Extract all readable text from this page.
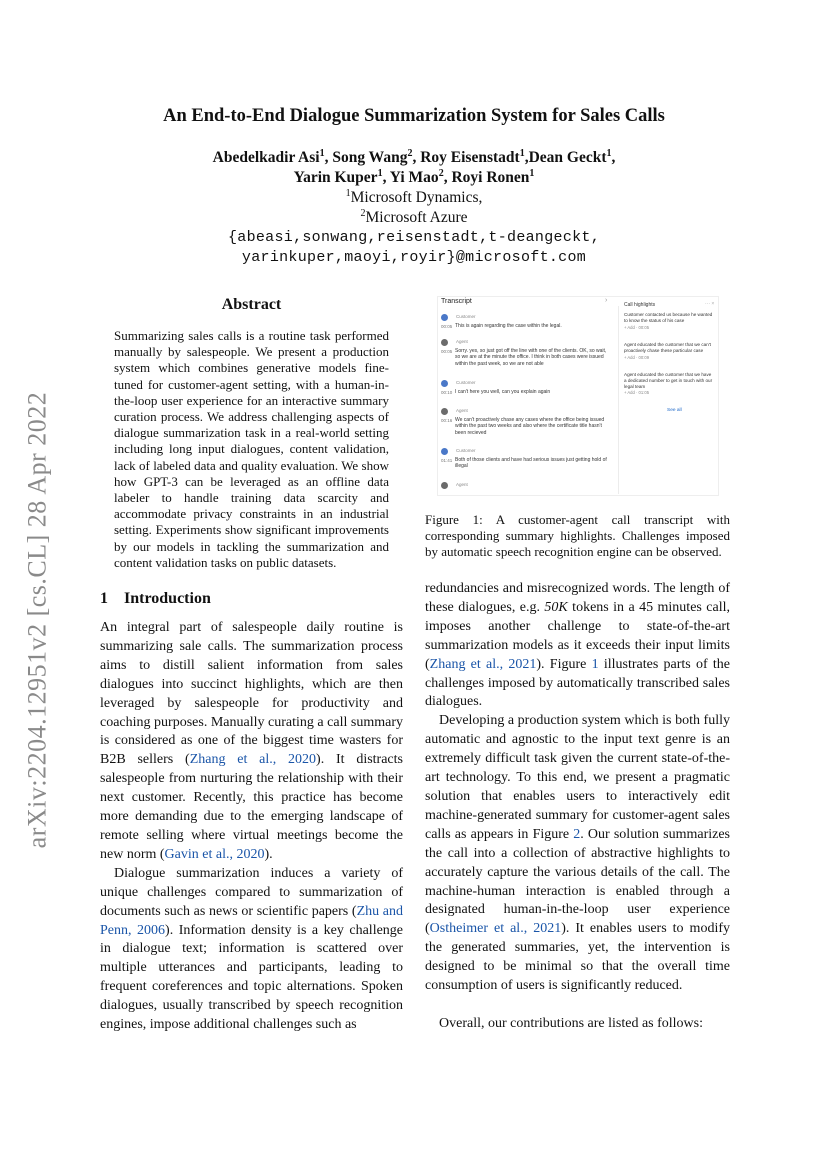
arXiv:2204.12951v2 [cs.CL] 28 Apr 2022
An End-to-End Dialogue Summarization System for Sales Calls
Abedelkadir Asi$^1$, Song Wang$^2$, Roy Eisenstadt$^1$,Dean Geckt$^1$,
Yarin Kuper$^1$, Yi Mao$^2$, Royi Ronen$^1$
$^1$Microsoft Dynamics,
$^2$Microsoft Azure
{abeasi,sonwang,reisenstadt,t-deangeckt,
yarinkuper,maoyi,royir}@microsoft.com
Abstract
Summarizing sales calls is a routine task performed manually by salespeople. We present a production system which combines generative models fine-tuned for customer-agent setting, with a human-in-the-loop user experience for an interactive summary curation process. We address challenging aspects of dialogue summarization task in a real-world setting including long input dialogues, content validation, lack of labeled data and quality evaluation. We show how GPT-3 can be leveraged as an offline data labeler to handle training data scarcity and accommodate privacy constraints in an industrial setting. Experiments show significant improvements by our models in tackling the summarization and content validation tasks on public datasets.
1 Introduction

An integral part of salespeople daily routine is summarizing sale calls. The summarization process aims to distill salient information from sales dialogues into succinct highlights, which are then leveraged by salespeople for productivity and coaching purposes. Manually curating a call summary is considered as one of the biggest time wasters for B2B sellers (Zhang et al., 2020). It distracts salespeople from nurturing the relationship with their next customer. Recently, this practice has become more demanding due to the emerging landscape of remote selling where virtual meetings become the new norm (Gavin et al., 2020).

Dialogue summarization induces a variety of unique challenges compared to summarization of documents such as news or scientific papers (Zhu and Penn, 2006). Information density is a key challenge in dialogue text; information is scattered over multiple utterances and participants, leading to frequent coreferences and topic alternations. Spoken dialogues, usually transcribed by speech recognition engines, impose additional challenges such as

Transcript	›
Customer
00:05 This is again regarding the case within the legal.
Agent
00:05 Sorry. yes, so just got off the line with one of the clients. OK, so wait, so we are at the minute the office. I think in both cases were issued within the past week, so we are not able
Customer
00:10 I can't here you well, can you explain again
Agent
00:16 We can't proactively chase any cases where the office being issued within the past two weeks and also where the certificate title hasn't been recieved
Customer
01:41 Both of those clients and have had serious issues just getting hold of illegal
Agent
Call highlights	··· ×
Customer contacted us because he wanted to know the status of his case
+ Add · 00:05
Agent educated the customer that we can't proactively chase these particular case
+ Add · 00:09
Agent educated the customer that we have a dedicated number to get in touch with our legal team
+ Add · 01:05
See all

Figure 1: A customer-agent call transcript with corresponding summary highlights. Challenges imposed by automatic speech recognition engine can be observed.

redundancies and misrecognized words. The length of these dialogues, e.g. 50K tokens in a 45 minutes call, imposes another challenge to state-of-the-art summarization models as it exceeds their input limits (Zhang et al., 2021). Figure 1 illustrates parts of the challenges imposed by automatically transcribed sales dialogues.

Developing a production system which is both fully automatic and agnostic to the input text genre is an extremely difficult task given the current state-of-the-art technology. To this end, we present a pragmatic solution that enables users to interactively edit machine-generated summary for customer-agent sales calls as appears in Figure 2. Our solution summarizes the call into a collection of abstractive highlights to accurately capture the various details of the call. The machine-human interaction is enabled through a designated human-in-the-loop user experience (Ostheimer et al., 2021). It enables users to modify the generated summaries, yet, the intervention is designed to be minimal so that the overall time consumption of users is significantly reduced.

Overall, our contributions are listed as follows:
